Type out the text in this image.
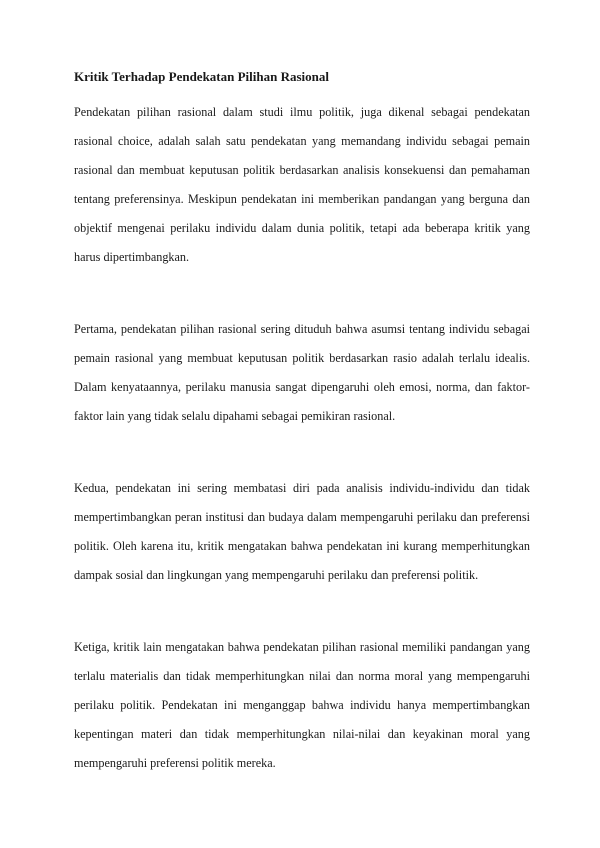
Kritik Terhadap Pendekatan Pilihan Rasional

Pendekatan pilihan rasional dalam studi ilmu politik, juga dikenal sebagai pendekatan rasional choice, adalah salah satu pendekatan yang memandang individu sebagai pemain rasional dan membuat keputusan politik berdasarkan analisis konsekuensi dan pemahaman tentang preferensinya. Meskipun pendekatan ini memberikan pandangan yang berguna dan objektif mengenai perilaku individu dalam dunia politik, tetapi ada beberapa kritik yang harus dipertimbangkan.

Pertama, pendekatan pilihan rasional sering dituduh bahwa asumsi tentang individu sebagai pemain rasional yang membuat keputusan politik berdasarkan rasio adalah terlalu idealis. Dalam kenyataannya, perilaku manusia sangat dipengaruhi oleh emosi, norma, dan faktor-faktor lain yang tidak selalu dipahami sebagai pemikiran rasional.

Kedua, pendekatan ini sering membatasi diri pada analisis individu-individu dan tidak mempertimbangkan peran institusi dan budaya dalam mempengaruhi perilaku dan preferensi politik. Oleh karena itu, kritik mengatakan bahwa pendekatan ini kurang memperhitungkan dampak sosial dan lingkungan yang mempengaruhi perilaku dan preferensi politik.

Ketiga, kritik lain mengatakan bahwa pendekatan pilihan rasional memiliki pandangan yang terlalu materialis dan tidak memperhitungkan nilai dan norma moral yang mempengaruhi perilaku politik. Pendekatan ini menganggap bahwa individu hanya mempertimbangkan kepentingan materi dan tidak memperhitungkan nilai-nilai dan keyakinan moral yang mempengaruhi preferensi politik mereka.
